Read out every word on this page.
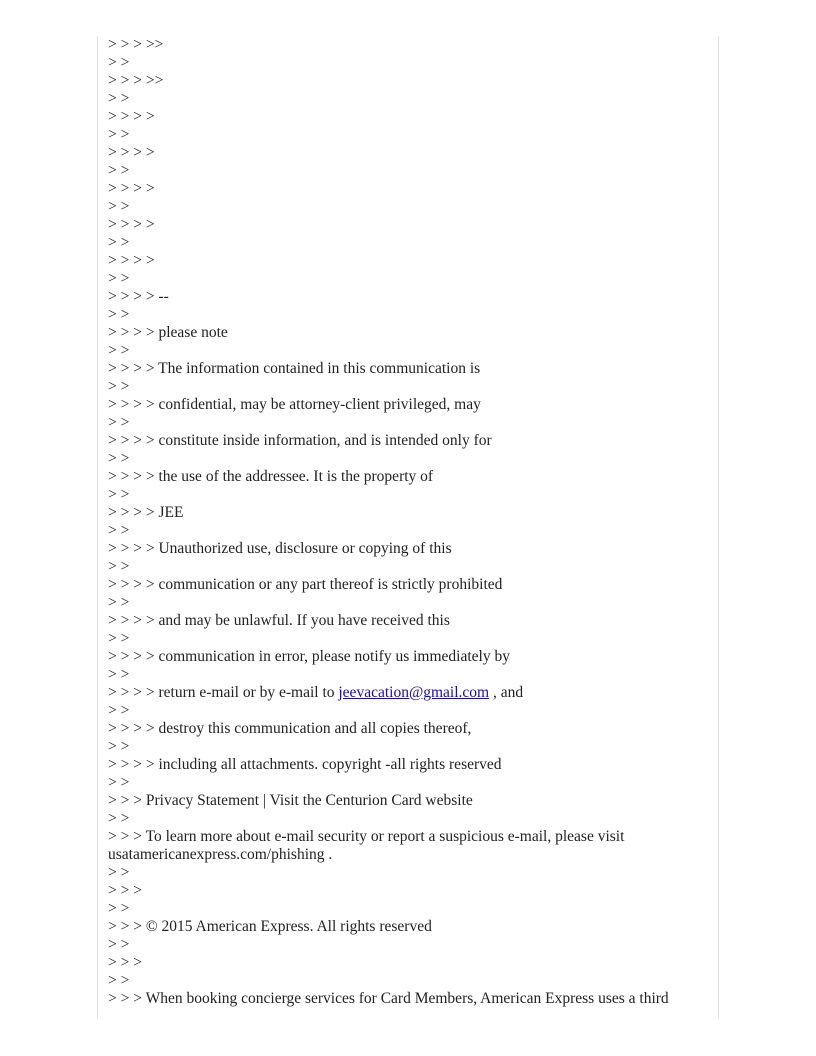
> > > >>

> >

> > > >>

> >

> > > >

> >

> > > >

> >

> > > >

> >

> > > >

> >

> > > >

> >

> > > > --

> >

> > > > please note

> >

> > > > The information contained in this communication is

> >

> > > > confidential, may be attorney-client privileged, may

> >

> > > > constitute inside information, and is intended only for

> >

> > > > the use of the addressee. It is the property of

> >

> > > > JEE

> >

> > > > Unauthorized use, disclosure or copying of this

> >

> > > > communication or any part thereof is strictly prohibited

> >

> > > > and may be unlawful. If you have received this

> >

> > > > communication in error, please notify us immediately by

> >

> > > > return e-mail or by e-mail to jeevacation@gmail.com , and

> >

> > > > destroy this communication and all copies thereof,

> >

> > > > including all attachments. copyright -all rights reserved

> >

> > > Privacy Statement | Visit the Centurion Card website

> >

> > > To learn more about e-mail security or report a suspicious e-mail, please visit usatamericanexpress.com/phishing .

> >

> > >

> >

> > > © 2015 American Express. All rights reserved

> >

> > >

> >

> > > When booking concierge services for Card Members, American Express uses a third
